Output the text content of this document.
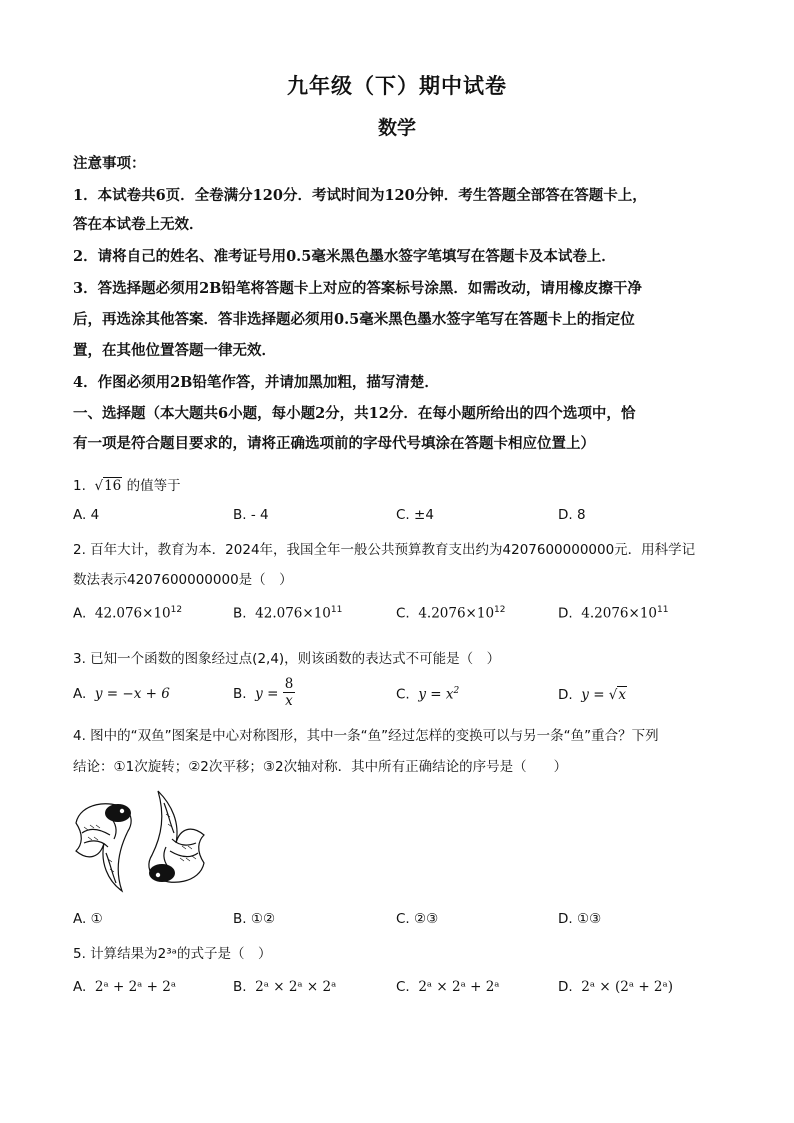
九年级（下）期中试卷
数学
注意事项：
1．本试卷共6页．全卷满分120分．考试时间为120分钟．考生答题全部答在答题卡上，
答在本试卷上无效．
2．请将自己的姓名、准考证号用0.5毫米黑色墨水签字笔填写在答题卡及本试卷上．
3．答选择题必须用2B铅笔将答题卡上对应的答案标号涂黑．如需改动，请用橡皮擦干净
后，再选涂其他答案．答非选择题必须用0.5毫米黑色墨水签字笔写在答题卡上的指定位
置，在其他位置答题一律无效．
4．作图必须用2B铅笔作答，并请加黑加粗，描写清楚．
一、选择题（本大题共6小题，每小题2分，共12分．在每小题所给出的四个选项中，恰
有一项是符合题目要求的，请将正确选项前的字母代号填涂在答题卡相应位置上）
1.  √16 的值等于
A. 4	B. - 4	C. ±4	D. 8
2. 百年大计，教育为本．2024年，我国全年一般公共预算教育支出约为4207600000000元．用科学记
数法表示4207600000000是（　）
A. $42.076\times 10^{12}$	B. $42.076\times 10^{11}$	C. $4.2076\times 10^{12}$	D. $4.2076\times 10^{11}$
3. 已知一个函数的图象经过点(2,4)，则该函数的表达式不可能是（　）
A. y = −x + 6	B. $y = \frac{8}{x}$	C. $y = x^2$	D. y = √x
4. 图中的“双鱼”图案是中心对称图形，其中一条“鱼”经过怎样的变换可以与另一条“鱼”重合？下列
结论：①1次旋转；②2次平移；③2次轴对称．其中所有正确结论的序号是（　　）
A. ①	B. ①②	C. ②③	D. ①③
5. 计算结果为2³ᵃ的式子是（　）
A. 2ᵃ + 2ᵃ + 2ᵃ	B. 2ᵃ × 2ᵃ × 2ᵃ	C. 2ᵃ × 2ᵃ + 2ᵃ	D. 2ᵃ × (2ᵃ + 2ᵃ)
